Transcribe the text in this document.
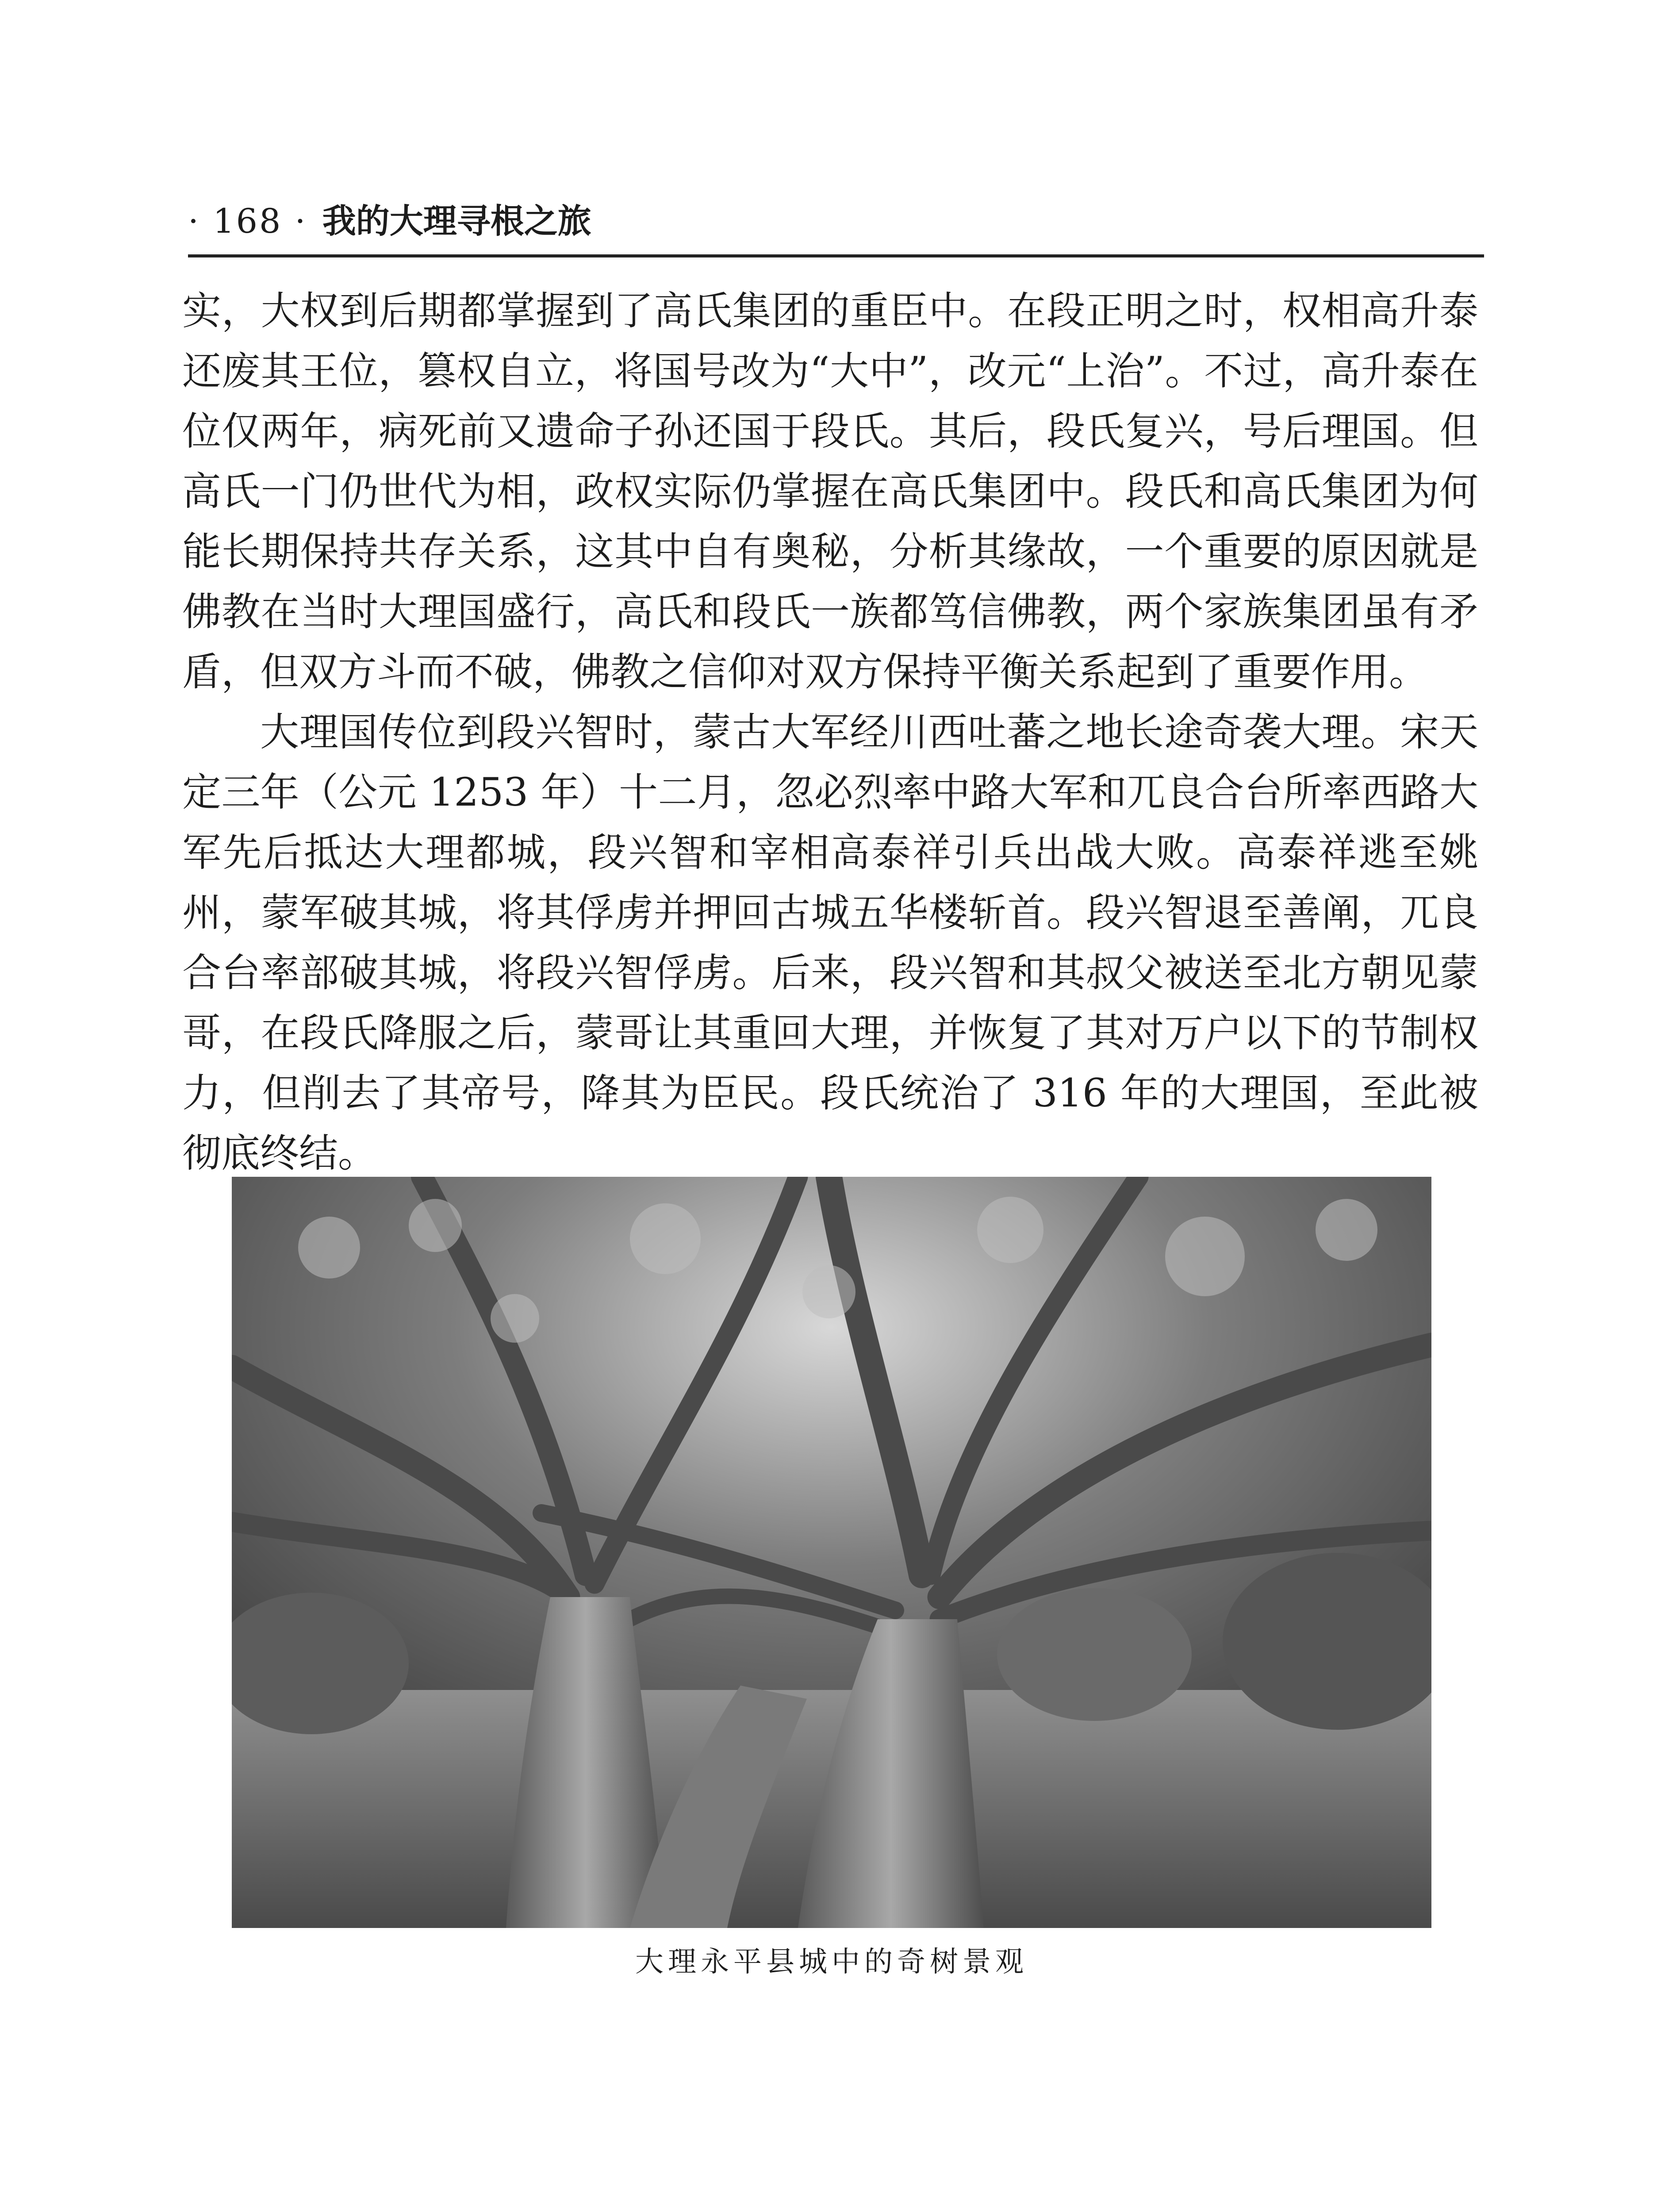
· 168 · 我的大理寻根之旅

实，大权到后期都掌握到了高氏集团的重臣中。在段正明之时，权相高升泰还废其王位，篡权自立，将国号改为“大中”，改元“上治”。不过，高升泰在位仅两年，病死前又遗命子孙还国于段氏。其后，段氏复兴，号后理国。但高氏一门仍世代为相，政权实际仍掌握在高氏集团中。段氏和高氏集团为何能长期保持共存关系，这其中自有奥秘，分析其缘故，一个重要的原因就是佛教在当时大理国盛行，高氏和段氏一族都笃信佛教，两个家族集团虽有矛盾，但双方斗而不破，佛教之信仰对双方保持平衡关系起到了重要作用。

大理国传位到段兴智时，蒙古大军经川西吐蕃之地长途奇袭大理。宋天定三年（公元 1253 年）十二月，忽必烈率中路大军和兀良合台所率西路大军先后抵达大理都城，段兴智和宰相高泰祥引兵出战大败。高泰祥逃至姚州，蒙军破其城，将其俘虏并押回古城五华楼斩首。段兴智退至善阐，兀良合台率部破其城，将段兴智俘虏。后来，段兴智和其叔父被送至北方朝见蒙哥，在段氏降服之后，蒙哥让其重回大理，并恢复了其对万户以下的节制权力，但削去了其帝号，降其为臣民。段氏统治了 316 年的大理国，至此被彻底终结。

大理永平县城中的奇树景观
